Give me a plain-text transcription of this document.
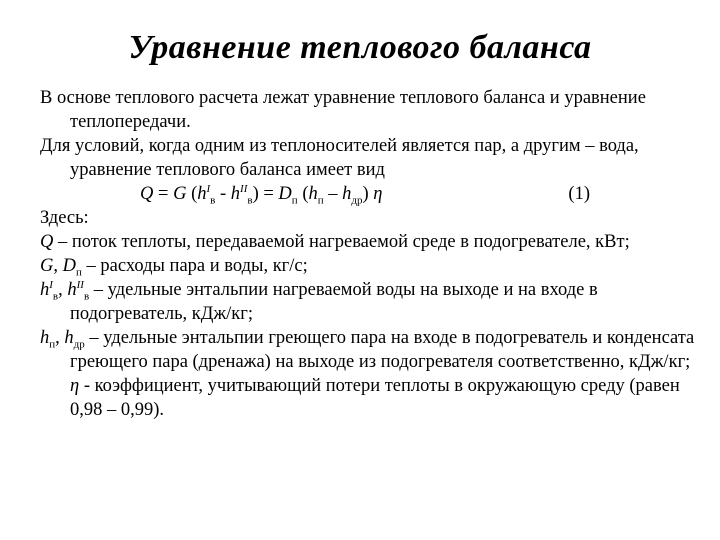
Уравнение теплового баланса

В основе теплового расчета лежат уравнение теплового баланса и уравнение теплопередачи.

Для условий, когда одним из теплоносителей является пар, а другим – вода, уравнение теплового баланса имеет вид

Q = G $(h^I_в - h^{II}_в) = D_п$ $(h_п - h_{др})$ η	(1)

Здесь:

Q – поток теплоты, передаваемой нагреваемой среде в подогревателе, кВт;

G, $D_п$ – расходы пара и воды, кг/с;

$h^I_в$, $h^{II}_в$ – удельные энтальпии нагреваемой воды на выходе и на входе в подогреватель, кДж/кг;

$h_п$, $h_{др}$ – удельные энтальпии греющего пара на входе в подогреватель и конденсата греющего пара (дренажа) на выходе из подогревателя соответственно, кДж/кг; η - коэффициент, учитывающий потери теплоты в окружающую среду (равен 0,98 – 0,99).
